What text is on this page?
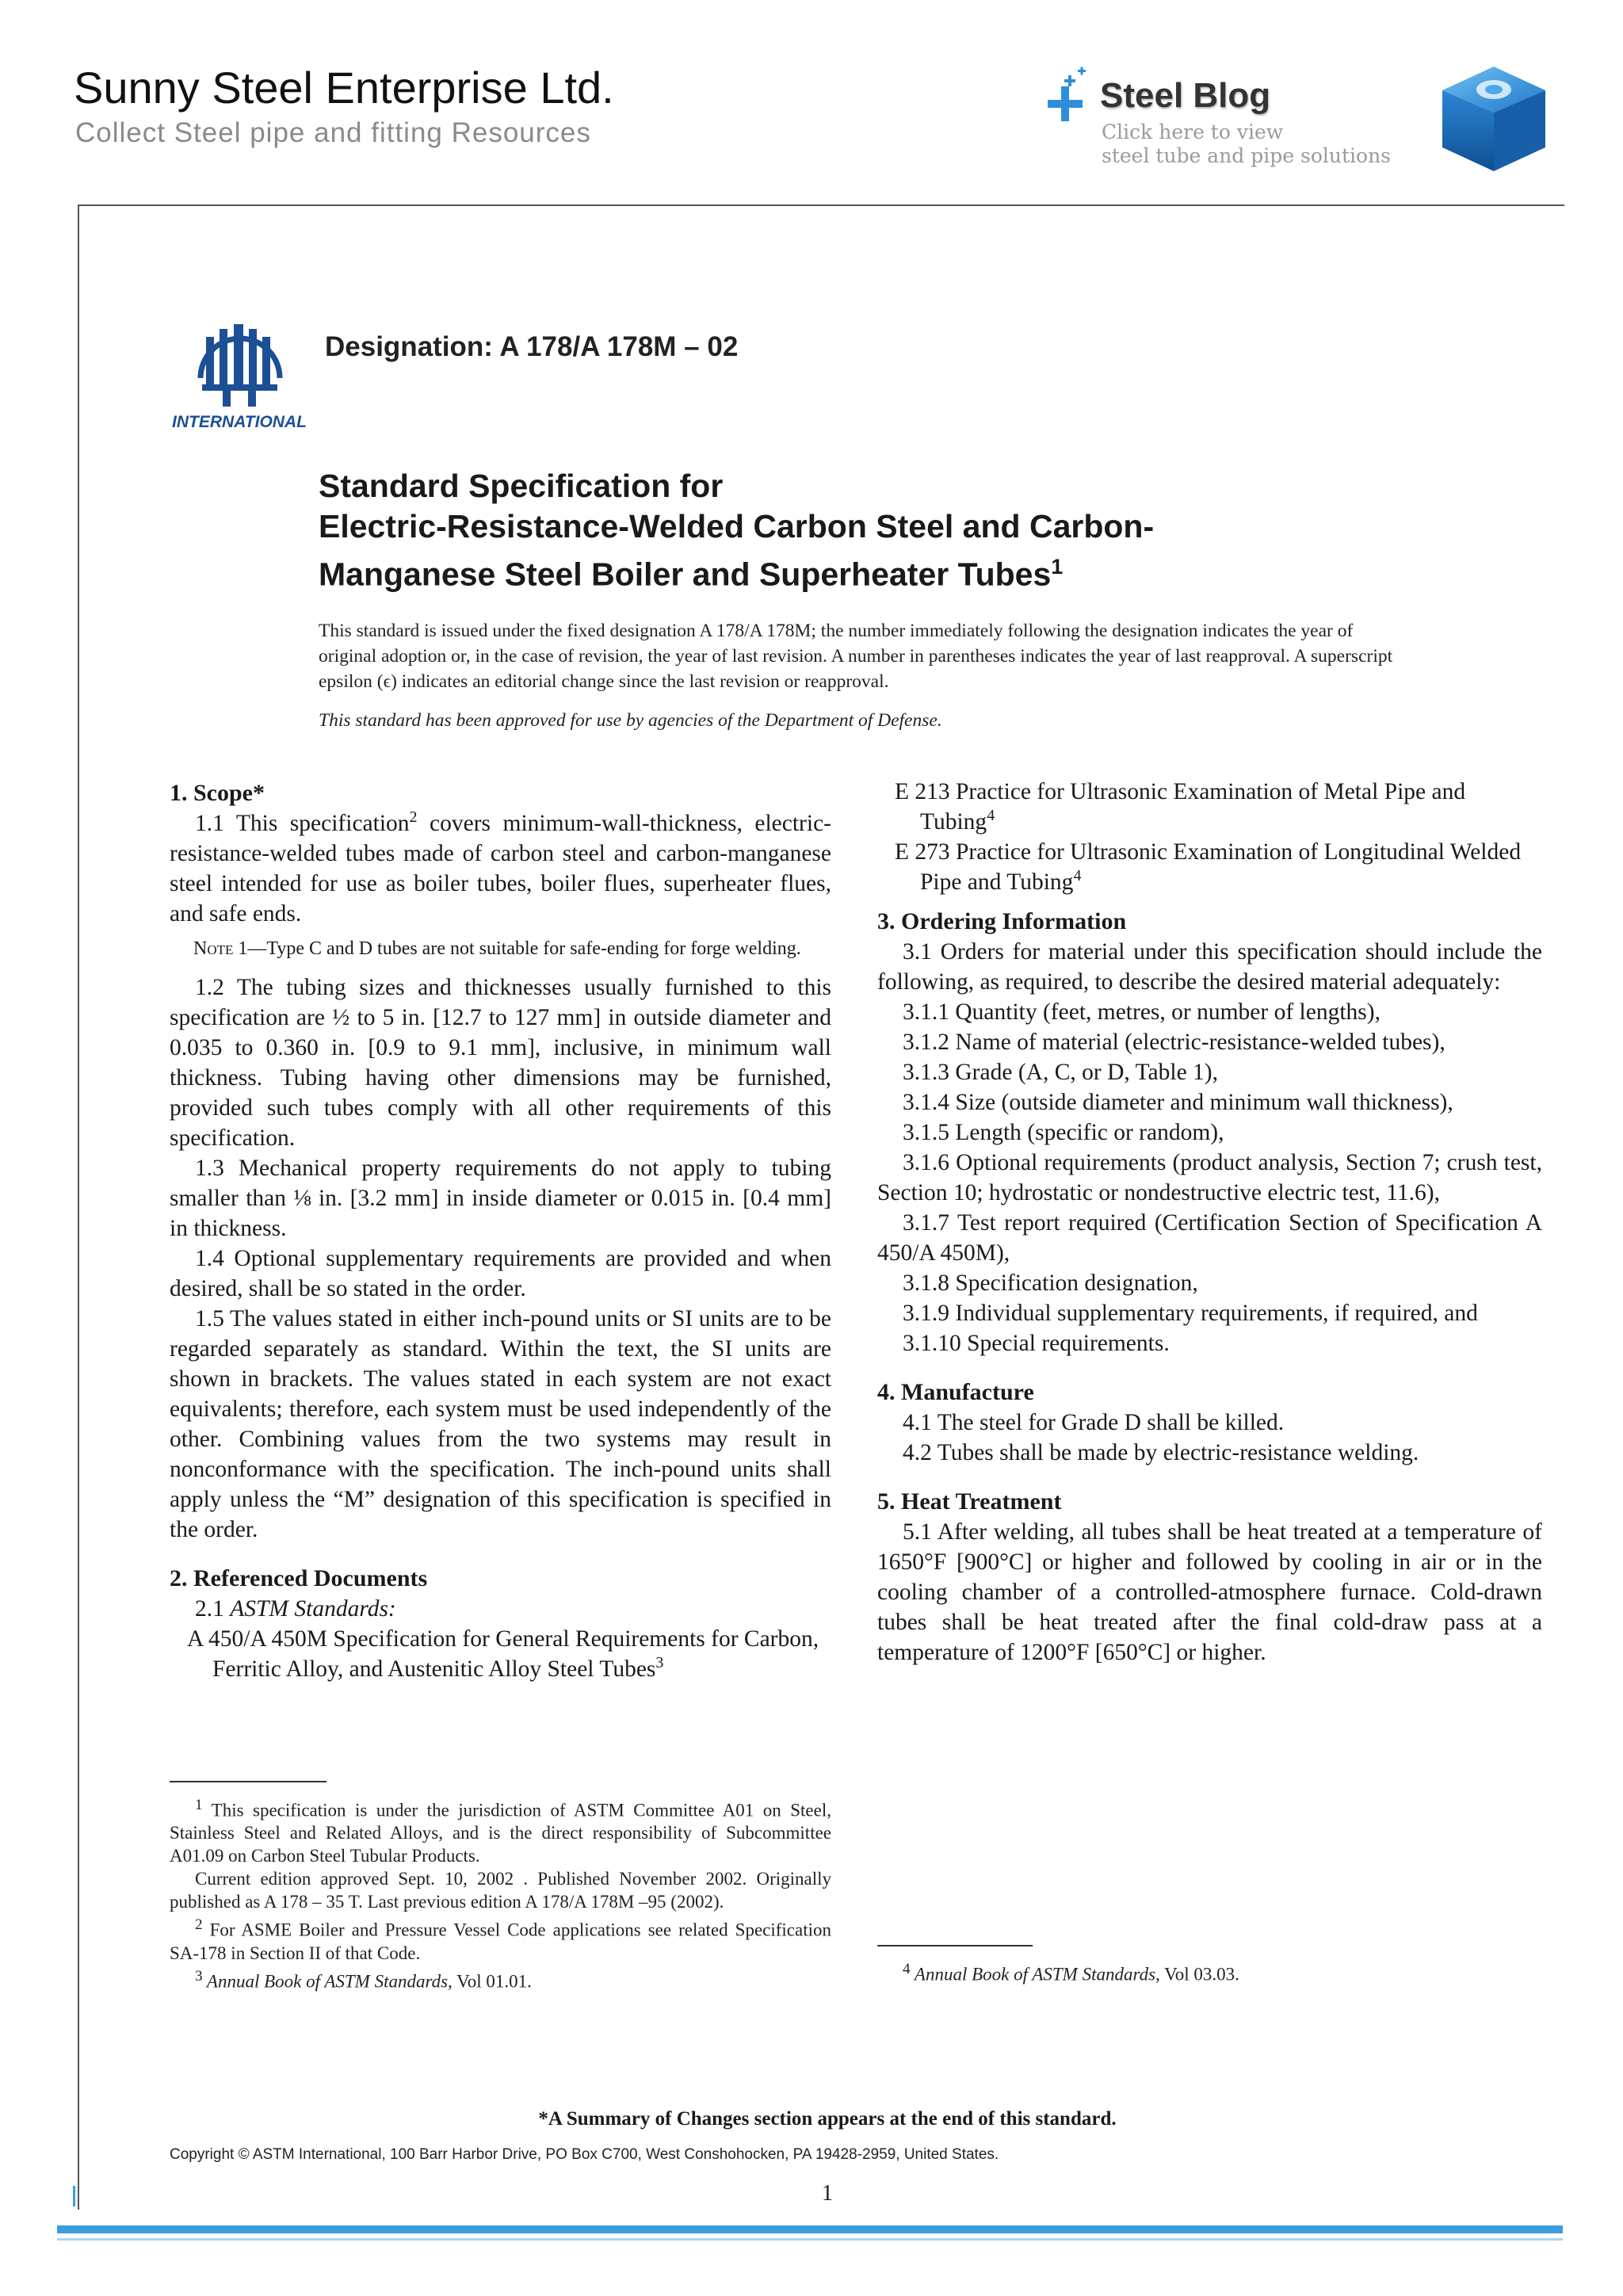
Sunny Steel Enterprise Ltd.
Collect Steel pipe and fitting Resources
Steel Blog
Click here to view
steel tube and pipe solutions
INTERNATIONAL
Designation: A 178/A 178M – 02
Standard Specification for
Electric-Resistance-Welded Carbon Steel and Carbon-
Manganese Steel Boiler and Superheater Tubes$^1$

This standard is issued under the fixed designation A 178/A 178M; the number immediately following the designation indicates the year of original adoption or, in the case of revision, the year of last revision. A number in parentheses indicates the year of last reapproval. A superscript epsilon (ϵ) indicates an editorial change since the last revision or reapproval.

This standard has been approved for use by agencies of the Department of Defense.

1. Scope*

1.1 This specification$^2$ covers minimum-wall-thickness, electric-resistance-welded tubes made of carbon steel and carbon-manganese steel intended for use as boiler tubes, boiler flues, superheater flues, and safe ends.

Note 1—Type C and D tubes are not suitable for safe-ending for forge welding.

1.2 The tubing sizes and thicknesses usually furnished to this specification are ½ to 5 in. [12.7 to 127 mm] in outside diameter and 0.035 to 0.360 in. [0.9 to 9.1 mm], inclusive, in minimum wall thickness. Tubing having other dimensions may be furnished, provided such tubes comply with all other requirements of this specification.

1.3 Mechanical property requirements do not apply to tubing smaller than ⅛ in. [3.2 mm] in inside diameter or 0.015 in. [0.4 mm] in thickness.

1.4 Optional supplementary requirements are provided and when desired, shall be so stated in the order.

1.5 The values stated in either inch-pound units or SI units are to be regarded separately as standard. Within the text, the SI units are shown in brackets. The values stated in each system are not exact equivalents; therefore, each system must be used independently of the other. Combining values from the two systems may result in nonconformance with the specification. The inch-pound units shall apply unless the “M” designation of this specification is specified in the order.

2. Referenced Documents

2.1 ASTM Standards:

A 450/A 450M Specification for General Requirements for Carbon, Ferritic Alloy, and Austenitic Alloy Steel Tubes$^3$

$^1$ This specification is under the jurisdiction of ASTM Committee A01 on Steel, Stainless Steel and Related Alloys, and is the direct responsibility of Subcommittee A01.09 on Carbon Steel Tubular Products.

Current edition approved Sept. 10, 2002 . Published November 2002. Originally published as A 178 – 35 T. Last previous edition A 178/A 178M –95 (2002).

$^2$ For ASME Boiler and Pressure Vessel Code applications see related Specification SA-178 in Section II of that Code.

$^3$ Annual Book of ASTM Standards, Vol 01.01.

E 213 Practice for Ultrasonic Examination of Metal Pipe and Tubing$^4$

E 273 Practice for Ultrasonic Examination of Longitudinal Welded Pipe and Tubing$^4$

3. Ordering Information

3.1 Orders for material under this specification should include the following, as required, to describe the desired material adequately:

3.1.1 Quantity (feet, metres, or number of lengths),

3.1.2 Name of material (electric-resistance-welded tubes),

3.1.3 Grade (A, C, or D, Table 1),

3.1.4 Size (outside diameter and minimum wall thickness),

3.1.5 Length (specific or random),

3.1.6 Optional requirements (product analysis, Section 7; crush test, Section 10; hydrostatic or nondestructive electric test, 11.6),

3.1.7 Test report required (Certification Section of Specification A 450/A 450M),

3.1.8 Specification designation,

3.1.9 Individual supplementary requirements, if required, and

3.1.10 Special requirements.

4. Manufacture

4.1 The steel for Grade D shall be killed.

4.2 Tubes shall be made by electric-resistance welding.

5. Heat Treatment

5.1 After welding, all tubes shall be heat treated at a temperature of 1650°F [900°C] or higher and followed by cooling in air or in the cooling chamber of a controlled-atmosphere furnace. Cold-drawn tubes shall be heat treated after the final cold-draw pass at a temperature of 1200°F [650°C] or higher.

$^4$ Annual Book of ASTM Standards, Vol 03.03.

*A Summary of Changes section appears at the end of this standard.
Copyright © ASTM International, 100 Barr Harbor Drive, PO Box C700, West Conshohocken, PA 19428-2959, United States.
1
